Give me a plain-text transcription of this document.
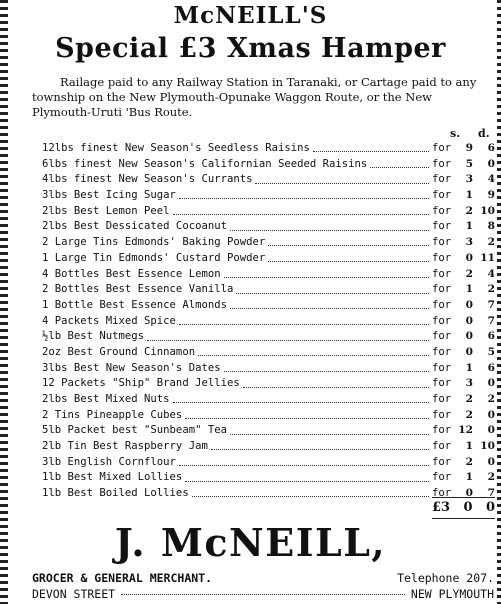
McNEILL'S
Special £3 Xmas Hamper
Railage paid to any Railway Station in Taranaki, or Cartage paid to any township on the New Plymouth-Opunake Waggon Route, or the New Plymouth-Uruti 'Bus Route.
s. d.
12lbs finest New Season's Seedless Raisins	for	9	6
6lbs finest New Season's Californian Seeded Raisins	for	5	0
4lbs finest New Season's Currants	for	3	4
3lbs Best Icing Sugar	for	1	9
2lbs Best Lemon Peel	for	2 10
2lbs Best Dessicated Cocoanut	for	1	8
2 Large Tins Edmonds' Baking Powder	for	3	2
1 Large Tin Edmonds' Custard Powder	for	0 11
4 Bottles Best Essence Lemon	for	2	4
2 Bottles Best Essence Vanilla	for	1	2
1 Bottle Best Essence Almonds	for	0	7
4 Packets Mixed Spice	for	0	7
½lb Best Nutmegs	for	0	6
2oz Best Ground Cinnamon	for	0	5
3lbs Best New Season's Dates	for	1	6
12 Packets "Ship" Brand Jellies	for	3	0
2lbs Best Mixed Nuts	for	2	2
2 Tins Pineapple Cubes	for	2	0
5lb Packet best "Sunbeam" Tea	for 12	0
2lb Tin Best Raspberry Jam	for	1 10
3lb English Cornflour	for	2	0
1lb Best Mixed Lollies	for	1	2
1lb Best Boiled Lollies	for	0	7
£3 0 0
J. McNEILL,
GROCER & GENERAL MERCHANT.	Telephone 207.
DEVON STREET	NEW PLYMOUTH
